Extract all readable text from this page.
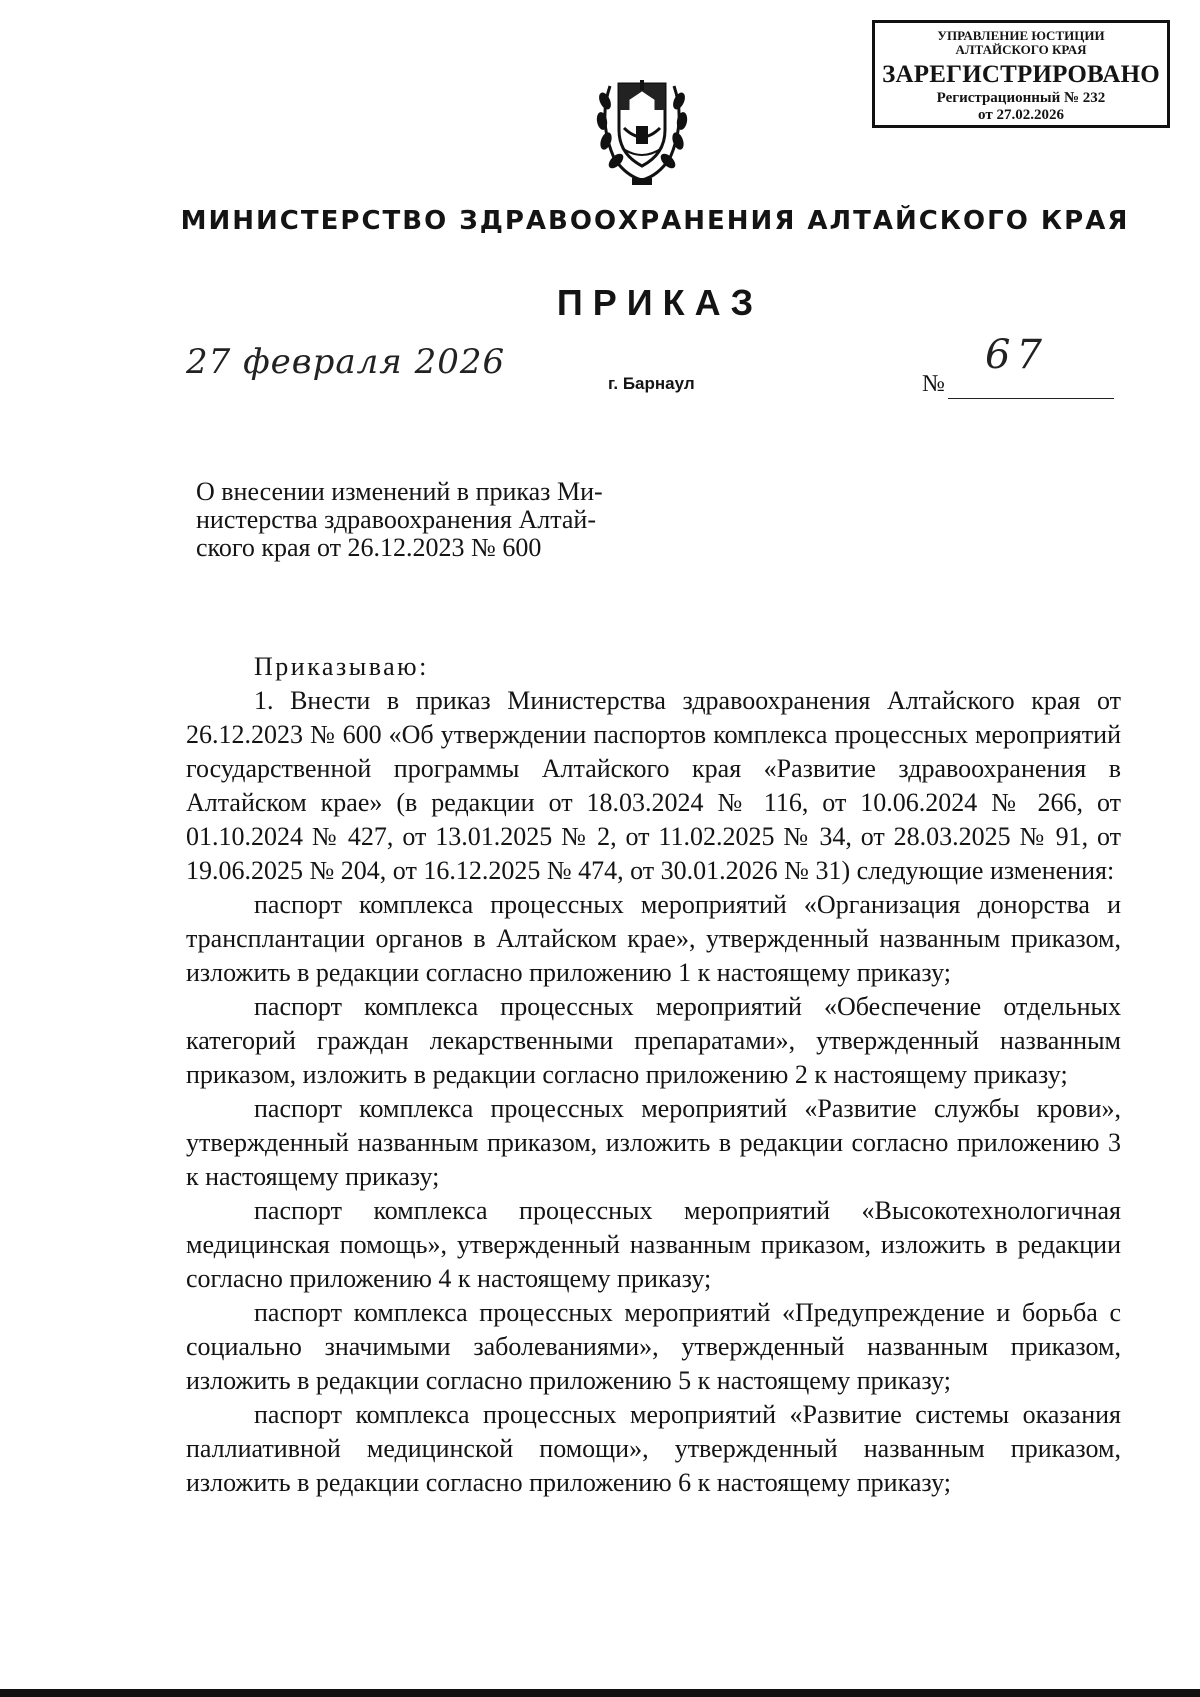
УПРАВЛЕНИЕ ЮСТИЦИИ
АЛТАЙСКОГО КРАЯ
ЗАРЕГИСТРИРОВАНО
Регистрационный № 232
от 27.02.2026
МИНИСТЕРСТВО ЗДРАВООХРАНЕНИЯ АЛТАЙСКОГО КРАЯ
ПРИКАЗ
27 февраля 2026
г. Барнаул	№
67
О внесении изменений в приказ Ми-
нистерства здравоохранения Алтай-
ского края от 26.12.2023 № 600

Приказываю:

1. Внести в приказ Министерства здравоохранения Алтайского края от 26.12.2023 № 600 «Об утверждении паспортов комплекса процессных мероприятий государственной программы Алтайского края «Развитие здравоохранения в Алтайском крае» (в редакции от 18.03.2024 № 116, от 10.06.2024 № 266, от 01.10.2024 № 427, от 13.01.2025 № 2, от 11.02.2025 № 34, от 28.03.2025 № 91, от 19.06.2025 № 204, от 16.12.2025 № 474, от 30.01.2026 № 31) следующие изменения:

паспорт комплекса процессных мероприятий «Организация донорства и трансплантации органов в Алтайском крае», утвержденный названным приказом, изложить в редакции согласно приложению 1 к настоящему приказу;

паспорт комплекса процессных мероприятий «Обеспечение отдельных категорий граждан лекарственными препаратами», утвержденный названным приказом, изложить в редакции согласно приложению 2 к настоящему приказу;

паспорт комплекса процессных мероприятий «Развитие службы крови», утвержденный названным приказом, изложить в редакции согласно приложению 3 к настоящему приказу;

паспорт комплекса процессных мероприятий «Высокотехнологичная медицинская помощь», утвержденный названным приказом, изложить в редакции согласно приложению 4 к настоящему приказу;

паспорт комплекса процессных мероприятий «Предупреждение и борьба с социально значимыми заболеваниями», утвержденный названным приказом, изложить в редакции согласно приложению 5 к настоящему приказу;

паспорт комплекса процессных мероприятий «Развитие системы оказания паллиативной медицинской помощи», утвержденный названным приказом, изложить в редакции согласно приложению 6 к настоящему приказу;
